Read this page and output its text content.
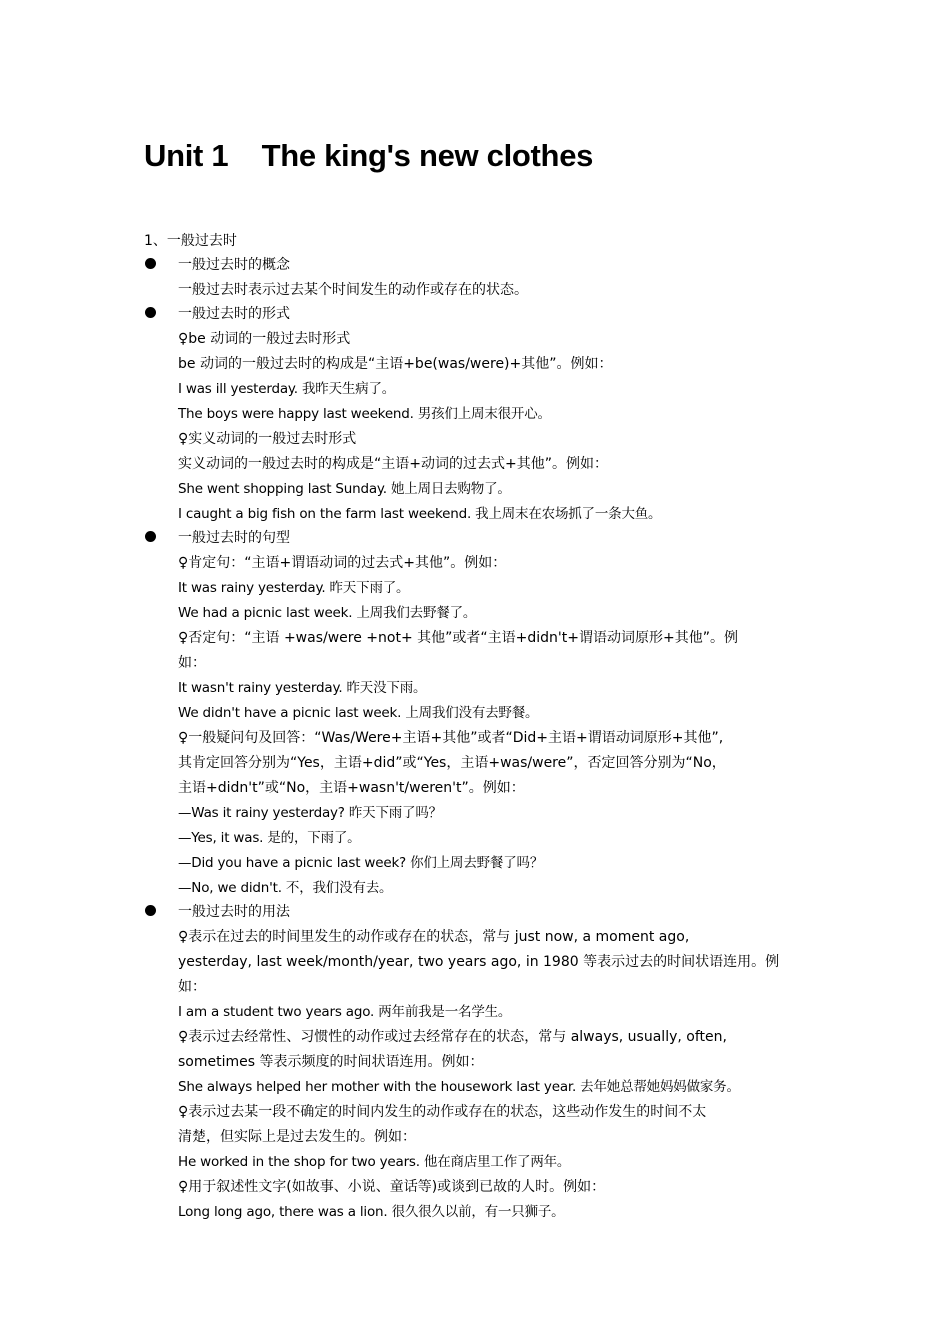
Unit 1    The king's new clothes
1、一般过去时
一般过去时的概念
一般过去时表示过去某个时间发生的动作或存在的状态。
一般过去时的形式
♀be 动词的一般过去时形式
be 动词的一般过去时的构成是“主语+be(was/were)+其他”。例如：
I was ill yesterday. 我昨天生病了。
The boys were happy last weekend. 男孩们上周末很开心。
♀实义动词的一般过去时形式
实义动词的一般过去时的构成是“主语+动词的过去式+其他”。例如：
She went shopping last Sunday. 她上周日去购物了。
I caught a big fish on the farm last weekend. 我上周末在农场抓了一条大鱼。
一般过去时的句型
♀肯定句：“主语+谓语动词的过去式+其他”。例如：
It was rainy yesterday. 昨天下雨了。
We had a picnic last week. 上周我们去野餐了。
♀否定句：“主语 +was/were +not+ 其他”或者“主语+didn't+谓语动词原形+其他”。例
如：
It wasn't rainy yesterday. 昨天没下雨。
We didn't have a picnic last week. 上周我们没有去野餐。
♀一般疑问句及回答：“Was/Were+主语+其他”或者“Did+主语+谓语动词原形+其他”,
其肯定回答分别为“Yes，主语+did”或“Yes，主语+was/were”，否定回答分别为“No，
主语+didn't”或“No，主语+wasn't/weren't”。例如：
—Was it rainy yesterday? 昨天下雨了吗？
—Yes, it was. 是的，下雨了。
—Did you have a picnic last week? 你们上周去野餐了吗？
—No, we didn't. 不，我们没有去。
一般过去时的用法
♀表示在过去的时间里发生的动作或存在的状态，常与 just now, a moment ago,
yesterday, last week/month/year, two years ago, in 1980 等表示过去的时间状语连用。例
如：
I am a student two years ago. 两年前我是一名学生。
♀表示过去经常性、习惯性的动作或过去经常存在的状态，常与 always, usually, often,
sometimes 等表示频度的时间状语连用。例如：
She always helped her mother with the housework last year. 去年她总帮她妈妈做家务。
♀表示过去某一段不确定的时间内发生的动作或存在的状态，这些动作发生的时间不太
清楚，但实际上是过去发生的。例如：
He worked in the shop for two years. 他在商店里工作了两年。
♀用于叙述性文字(如故事、小说、童话等)或谈到已故的人时。例如：
Long long ago, there was a lion. 很久很久以前，有一只狮子。
